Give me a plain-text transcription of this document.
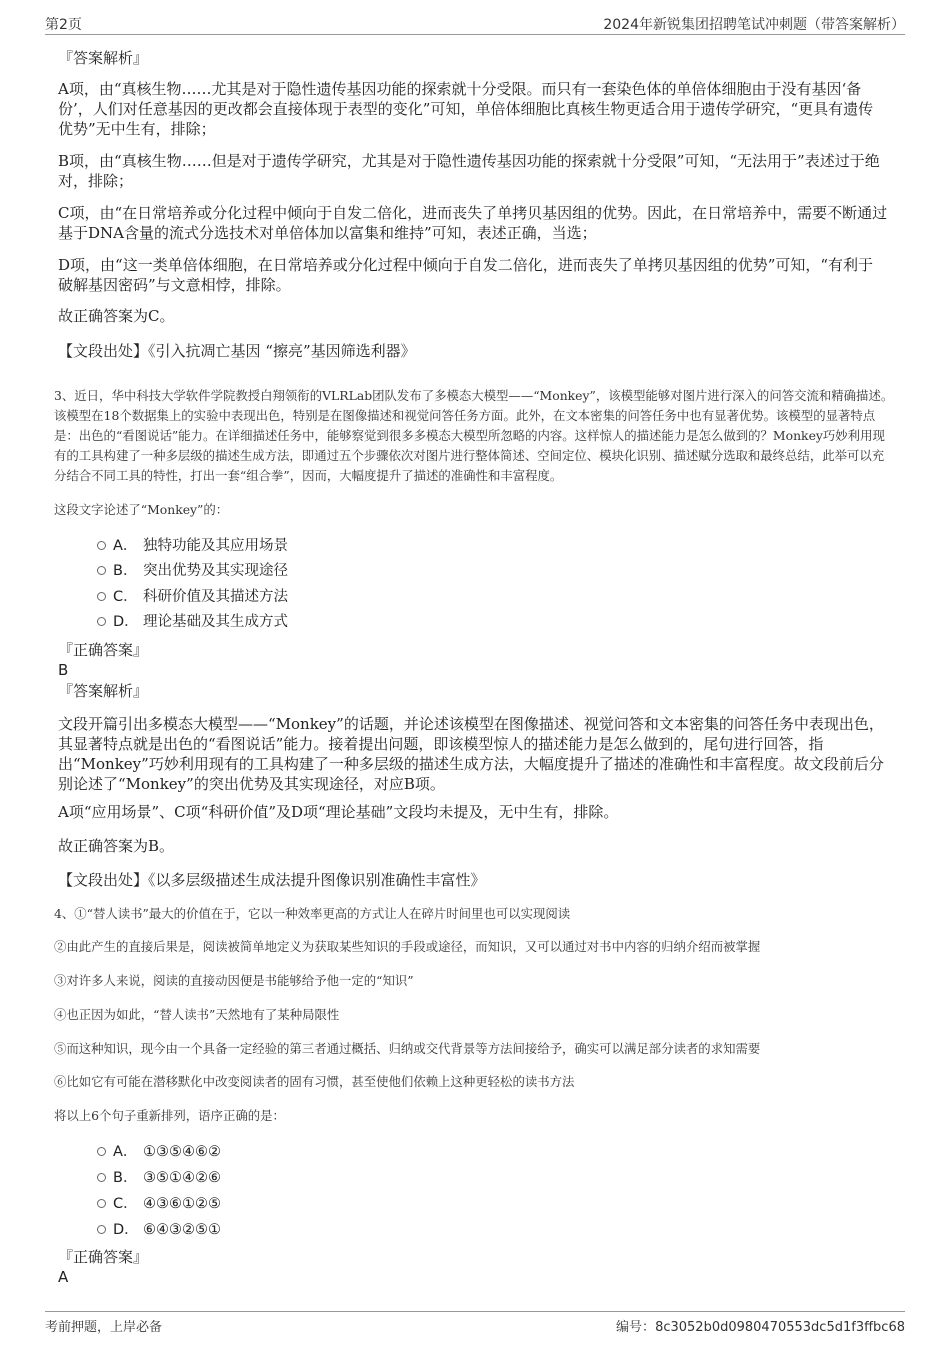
第2页	2024年新锐集团招聘笔试冲刺题（带答案解析）

『答案解析』

A项，由“真核生物……尤其是对于隐性遗传基因功能的探索就十分受限。而只有一套染色体的单倍体细胞由于没有基因‘备份’，人们对任意基因的更改都会直接体现于表型的变化”可知，单倍体细胞比真核生物更适合用于遗传学研究，“更具有遗传优势”无中生有，排除；

B项，由“真核生物……但是对于遗传学研究，尤其是对于隐性遗传基因功能的探索就十分受限”可知，“无法用于”表述过于绝对，排除；

C项，由“在日常培养或分化过程中倾向于自发二倍化，进而丧失了单拷贝基因组的优势。因此，在日常培养中，需要不断通过基于DNA含量的流式分选技术对单倍体加以富集和维持”可知，表述正确，当选；

D项，由“这一类单倍体细胞，在日常培养或分化过程中倾向于自发二倍化，进而丧失了单拷贝基因组的优势”可知，“有利于破解基因密码”与文意相悖，排除。

故正确答案为C。

【文段出处】《引入抗凋亡基因 “擦亮”基因筛选利器》

3、近日，华中科技大学软件学院教授白翔领衔的VLRLab团队发布了多模态大模型——“Monkey”，该模型能够对图片进行深入的问答交流和精确描述。该模型在18个数据集上的实验中表现出色，特别是在图像描述和视觉问答任务方面。此外，在文本密集的问答任务中也有显著优势。该模型的显著特点是：出色的“看图说话”能力。在详细描述任务中，能够察觉到很多多模态大模型所忽略的内容。这样惊人的描述能力是怎么做到的？Monkey巧妙利用现有的工具构建了一种多层级的描述生成方法，即通过五个步骤依次对图片进行整体简述、空间定位、模块化识别、描述赋分选取和最终总结，此举可以充分结合不同工具的特性，打出一套“组合拳”，因而，大幅度提升了描述的准确性和丰富程度。

这段文字论述了“Monkey”的：

A． 独特功能及其应用场景
B． 突出优势及其实现途径
C． 科研价值及其描述方法
D． 理论基础及其生成方式

『正确答案』

B

『答案解析』

文段开篇引出多模态大模型——“Monkey”的话题，并论述该模型在图像描述、视觉问答和文本密集的问答任务中表现出色，其显著特点就是出色的“看图说话”能力。接着提出问题，即该模型惊人的描述能力是怎么做到的，尾句进行回答，指出“Monkey”巧妙利用现有的工具构建了一种多层级的描述生成方法，大幅度提升了描述的准确性和丰富程度。故文段前后分别论述了“Monkey”的突出优势及其实现途径，对应B项。

A项“应用场景”、C项“科研价值”及D项“理论基础”文段均未提及，无中生有，排除。

故正确答案为B。

【文段出处】《以多层级描述生成法提升图像识别准确性丰富性》

4、①“替人读书”最大的价值在于，它以一种效率更高的方式让人在碎片时间里也可以实现阅读

②由此产生的直接后果是，阅读被简单地定义为获取某些知识的手段或途径，而知识，又可以通过对书中内容的归纳介绍而被掌握

③对许多人来说，阅读的直接动因便是书能够给予他一定的“知识”

④也正因为如此，“替人读书”天然地有了某种局限性

⑤而这种知识，现今由一个具备一定经验的第三者通过概括、归纳或交代背景等方法间接给予，确实可以满足部分读者的求知需要

⑥比如它有可能在潜移默化中改变阅读者的固有习惯，甚至使他们依赖上这种更轻松的读书方法

将以上6个句子重新排列，语序正确的是：

A． ①③⑤④⑥②
B． ③⑤①④②⑥
C． ④③⑥①②⑤
D． ⑥④③②⑤①

『正确答案』

A

考前押题，上岸必备	编号：8c3052b0d0980470553dc5d1f3ffbc68
